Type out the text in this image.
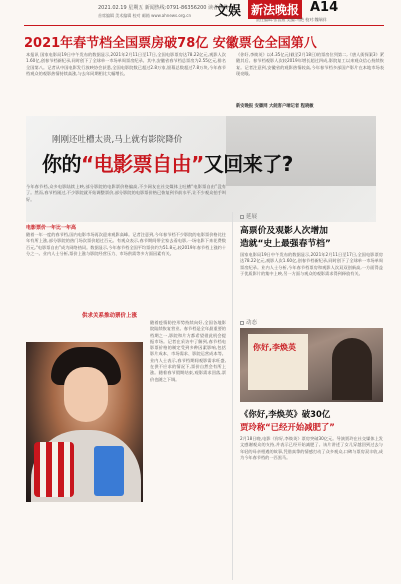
2021.02.19 星期五 新闻热线:0791-86356200 读者热线
文娱 新法晚报 A14
首席编辑 美术编辑 校对 邮箱 www.ahnews.org.cn
责任编辑:张喜燕 美编:马艳 校对:魏瑞祥
2021年春节档全国票房破78亿 安徽票仓全国第八
本报讯 国家电影局19日中午发布的数据显示,2021年2月11日至17日,全国电影票房达78.22亿元,观影人次1.60亿,创春节档新纪录,同时创下了全球单一市场单周票房纪录。其中,安徽省春节档总票房为2.55亿元,排名全国第八。记者从中国电影发行放映协会获悉,全国电影院数已超过2.8万家,银幕总数超过7.8万块,今年春节档观众的观影热情持续高涨,与去年同期相比大幅增长。
《你好,李焕英》以4.35亿元(截至2月18日)的票房位列第二,《唐人街探案3》紧随其后。春节档观影人次较2019年增长超过四成,影院复工以来观众信心持续恢复。记者注意到,安徽省的观影热情较高,今年春节档多部国产影片在本地市场表现亮眼。
新安晚报 安徽网 大皖客户端记者 程晓敏
刚刚还吐槽太贵,马上就有影院降价
你的“电影票自由”又回来了?
今年春节档,众多电影陆续上映,部分影院的电影票价格偏高,不少网友在社交媒体上吐槽“电影票自由”没有了。然而,春节档刚过,不少影院就开始调整票价,部分影院的电影票价格已恢复到节前水平,让不少观众拍手叫好。
电影票价一年比一年高
随着一年一度的春节档,国内电影市场再次迎来观影高峰。记者注意到,今年春节档不少影院的电影票价格比往年有所上涨,部分影院的热门场次票价超过百元。有观众表示,春节期间带全家去看电影,一场电影下来花费数百元,“电影票自由”成为网络热词。数据显示,今年春节档全国平均票价约为51.8元,较2019年春节档上涨约十分之一。业内人士分析,票价上涨与影院经营压力、市场供需等多方面因素有关。
供求关系推动票价上涨
随着疫情防控形势持续向好,全国各地影院陆续恢复营业。春节档是全年最重要的档期之一,影院和片方都希望借此机会提振市场。记者在采访中了解到,春节档电影票价格的制定受到多种因素影响,包括影片成本、市场需求、影院运营成本等。业内人士表示,春节档期间观影需求旺盛,在供不应求的情况下,票价自然会有所上涨。随着春节假期结束,观影需求回落,票价也随之下调。
延展
高票价及观影人次增加
造就“史上最强春节档”
国家电影局19日中午发布的数据显示,2021年2月11日至17日,全国电影票房达78.22亿元,观影人次1.60亿,创春节档新纪录,同时创下了全球单一市场单周票房纪录。业内人士分析,今年春节档票房和观影人次双双创新高,一方面得益于优质影片的集中上映,另一方面与观众的观影需求得到释放有关。
动态
你好,李焕英
《你好,李焕英》破30亿
贾玲称“已经开始减肥了”
2月18日晚,电影《你好,李焕英》票房突破30亿元。导演贾玲在社交媒体上发文感谢观众的支持,并表示已经开始减肥了。该片讲述了女儿穿越回到过去与年轻的母亲相遇的故事,凭借真挚的情感打动了众多观众,口碑与票房双丰收,成为今年春节档的一匹黑马。
